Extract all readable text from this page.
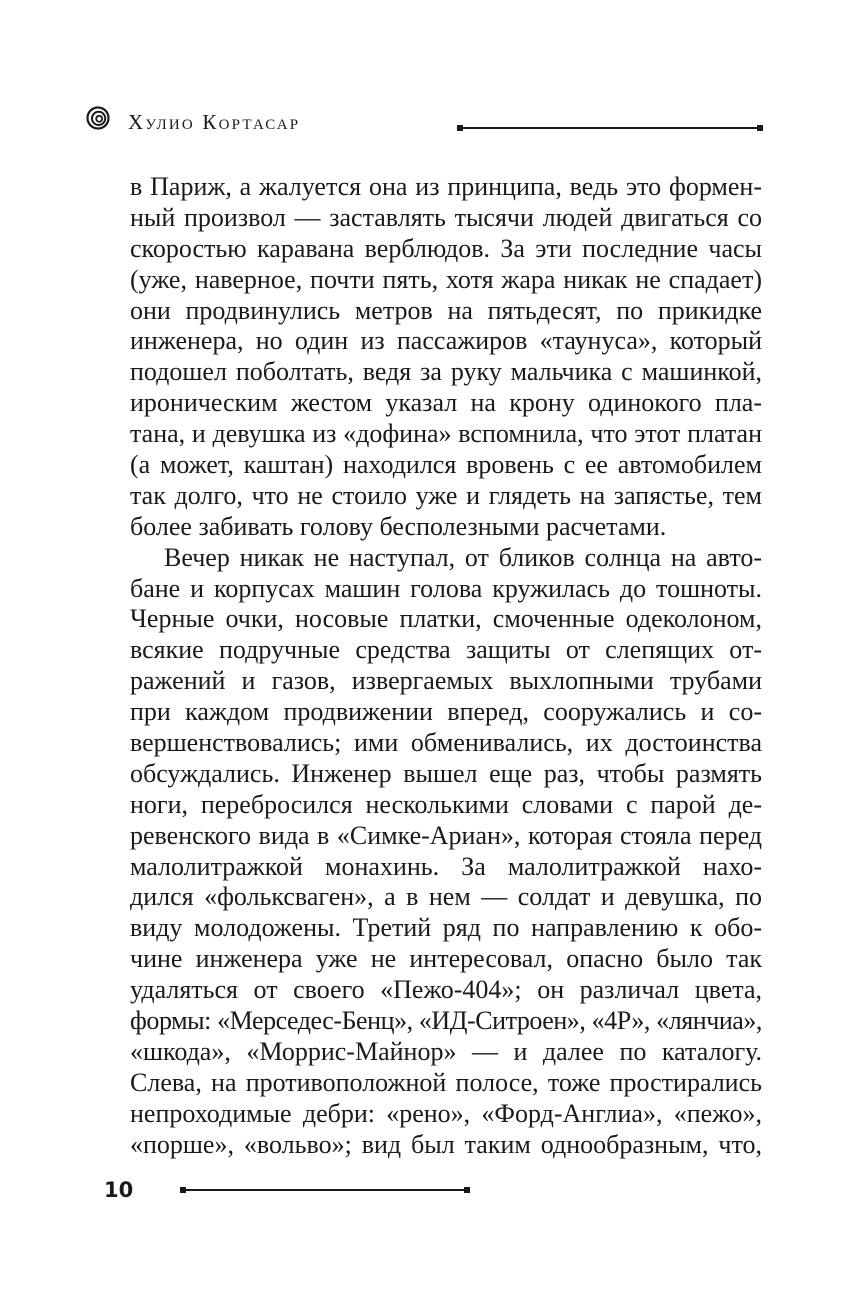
Хулио Кортасар
в Париж, а жалуется она из принципа, ведь это формен-
ный произвол — заставлять тысячи людей двигаться со
скоростью каравана верблюдов. За эти последние часы
(уже, наверное, почти пять, хотя жара никак не спадает)
они продвинулись метров на пятьдесят, по прикидке
инженера, но один из пассажиров «таунуса», который
подошел поболтать, ведя за руку мальчика с машинкой,
ироническим жестом указал на крону одинокого пла-
тана, и девушка из «дофина» вспомнила, что этот платан
(а может, каштан) находился вровень с ее автомобилем
так долго, что не стоило уже и глядеть на запястье, тем
более забивать голову бесполезными расчетами.
Вечер никак не наступал, от бликов солнца на авто-
бане и корпусах машин голова кружилась до тошноты.
Черные очки, носовые платки, смоченные одеколоном,
всякие подручные средства защиты от слепящих от-
ражений и газов, извергаемых выхлопными трубами
при каждом продвижении вперед, сооружались и со-
вершенствовались; ими обменивались, их достоинства
обсуждались. Инженер вышел еще раз, чтобы размять
ноги, перебросился несколькими словами с парой де-
ревенского вида в «Симке-Ариан», которая стояла перед
малолитражкой монахинь. За малолитражкой нахо-
дился «фольксваген», а в нем — солдат и девушка, по
виду молодожены. Третий ряд по направлению к обо-
чине инженера уже не интересовал, опасно было так
удаляться от своего «Пежо-404»; он различал цвета,
формы: «Мерседес-Бенц», «ИД-Ситроен», «4Р», «лянчиа»,
«шкода», «Моррис-Майнор» — и далее по каталогу.
Слева, на противоположной полосе, тоже простирались
непроходимые дебри: «рено», «Форд-Англиа», «пежо»,
«порше», «вольво»; вид был таким однообразным, что,
10
